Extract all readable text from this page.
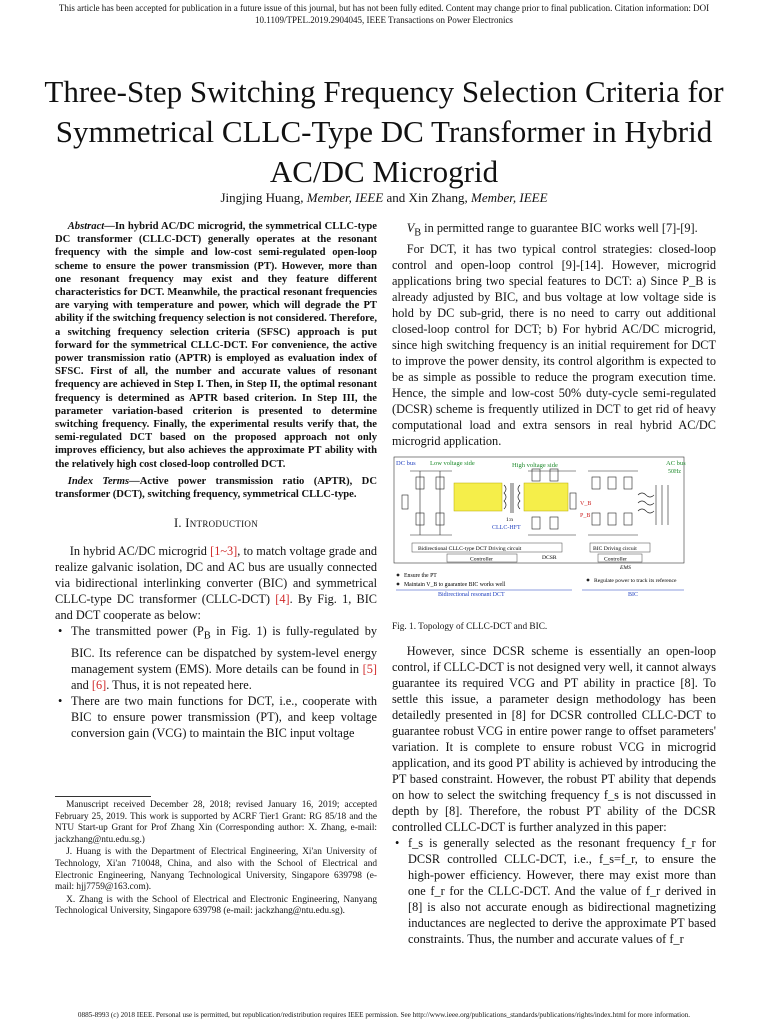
This article has been accepted for publication in a future issue of this journal, but has not been fully edited. Content may change prior to final publication. Citation information: DOI 10.1109/TPEL.2019.2904045, IEEE Transactions on Power Electronics
Three-Step Switching Frequency Selection Criteria for Symmetrical CLLC-Type DC Transformer in Hybrid AC/DC Microgrid
Jingjing Huang, Member, IEEE and Xin Zhang, Member, IEEE

Abstract—In hybrid AC/DC microgrid, the symmetrical CLLC-type DC transformer (CLLC-DCT) generally operates at the resonant frequency with the simple and low-cost semi-regulated open-loop scheme to ensure the power transmission (PT). However, more than one resonant frequency may exist and they feature different characteristics for DCT. Meanwhile, the practical resonant frequencies are varying with temperature and power, which will degrade the PT ability if the switching frequency selection is not considered. Therefore, a switching frequency selection criteria (SFSC) approach is put forward for the symmetrical CLLC-DCT. For convenience, the active power transmission ratio (APTR) is employed as evaluation index of SFSC. First of all, the number and accurate values of resonant frequency are achieved in Step I. Then, in Step II, the optimal resonant frequency is determined as APTR based criterion. In Step III, the parameter variation-based criterion is presented to determine switching frequency. Finally, the experimental results verify that, the semi-regulated DCT based on the proposed approach not only improves efficiency, but also achieves the approximate PT ability with the relatively high cost closed-loop controlled DCT.

Index Terms—Active power transmission ratio (APTR), DC transformer (DCT), switching frequency, symmetrical CLLC-type.

I. Introduction

In hybrid AC/DC microgrid [1~3], to match voltage grade and realize galvanic isolation, DC and AC bus are usually connected via bidirectional interlinking converter (BIC) and symmetrical CLLC-type DC transformer (CLLC-DCT) [4]. By Fig. 1, BIC and DCT cooperate as below:

• The transmitted power ($P_B$ in Fig. 1) is fully-regulated by BIC. Its reference can be dispatched by system-level energy management system (EMS). More details can be found in [5] and [6]. Thus, it is not repeated here.
• There are two main functions for DCT, i.e., cooperate with BIC to ensure power transmission (PT), and keep voltage conversion gain (VCG) to maintain the BIC input voltage

Manuscript received December 28, 2018; revised January 16, 2019; accepted February 25, 2019. This work is supported by ACRF Tier1 Grant: RG 85/18 and the NTU Start-up Grant for Prof Zhang Xin (Corresponding author: X. Zhang, e-mail: jackzhang@ntu.edu.sg.)

J. Huang is with the Department of Electrical Engineering, Xi'an University of Technology, Xi'an 710048, China, and also with the School of Electrical and Electronic Engineering, Nanyang Technological University, Singapore 639798 (e-mail: hjj7759@163.com).

X. Zhang is with the School of Electrical and Electronic Engineering, Nanyang Technological University, Singapore 639798 (e-mail: jackzhang@ntu.edu.sg).

$V_B$ in permitted range to guarantee BIC works well [7]-[9].

For DCT, it has two typical control strategies: closed-loop control and open-loop control [9]-[14]. However, microgrid applications bring two special features to DCT: a) Since P_B is already adjusted by BIC, and bus voltage at low voltage side is hold by DC sub-grid, there is no need to carry out additional closed-loop control for DCT; b) For hybrid AC/DC microgrid, since high switching frequency is an initial requirement for DCT to improve the power density, its control algorithm is expected to be as simple as possible to reduce the program execution time. Hence, the simple and low-cost 50% duty-cycle semi-regulated (DCSR) scheme is frequently utilized in DCT to get rid of heavy computational load and extra sensors in real hybrid AC/DC microgrid application.

DC bus Low voltage side	High voltage side	AC bus
50Hz
1:n
CLLC-HFT
V_B
P_B
Bidirectional CLLC-type DCT Driving circuit
Controller	DCSR
BIC Driving circuit
Controller
EMS
Ensure the PT
Maintain V_B to guarantee BIC works well
Regulate power to track its reference
Bidirectional resonant DCT	BIC
Fig. 1. Topology of CLLC-DCT and BIC.

However, since DCSR scheme is essentially an open-loop control, if CLLC-DCT is not designed very well, it cannot always guarantee its required VCG and PT ability in practice [8]. To settle this issue, a parameter design methodology has been detailedly presented in [8] for DCSR controlled CLLC-DCT to guarantee robust VCG in entire power range to offset parameters' variation. It is complete to ensure robust VCG in microgrid application, and its good PT ability is achieved by introducing the PT based constraint. However, the robust PT ability that depends on how to select the switching frequency f_s is not discussed in depth by [8]. Therefore, the robust PT ability of the DCSR controlled CLLC-DCT is further analyzed in this paper:

• f_s is generally selected as the resonant frequency f_r for DCSR controlled CLLC-DCT, i.e., f_s=f_r, to ensure the high-power efficiency. However, there may exist more than one f_r for the CLLC-DCT. And the value of f_r derived in [8] is also not accurate enough as bidirectional magnetizing inductances are neglected to derive the approximate PT based constraints. Thus, the number and accurate values of f_r
0885-8993 (c) 2018 IEEE. Personal use is permitted, but republication/redistribution requires IEEE permission. See http://www.ieee.org/publications_standards/publications/rights/index.html for more information.
